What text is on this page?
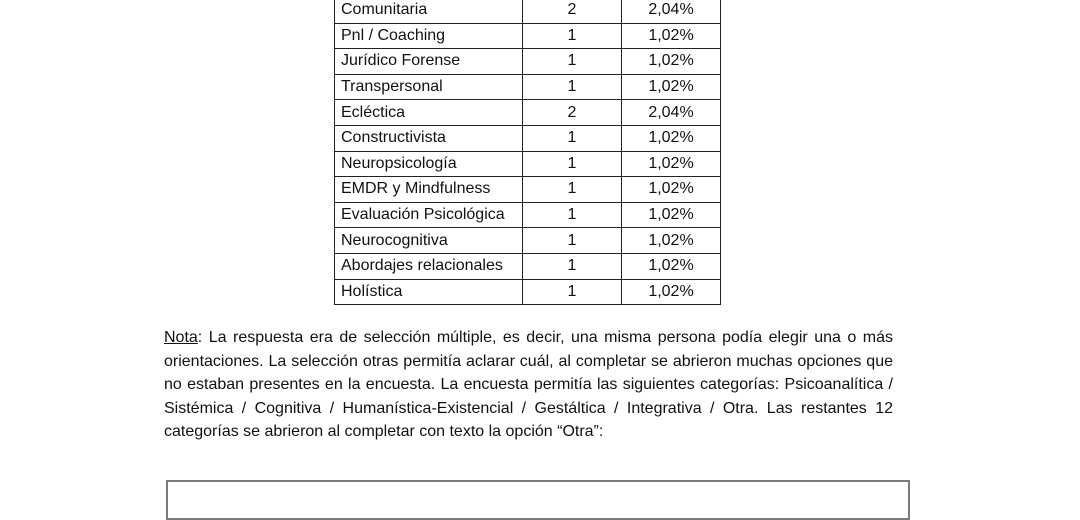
Comunitaria	2	2,04%
Pnl / Coaching	1	1,02%
Jurídico Forense	1	1,02%
Transpersonal	1	1,02%
Ecléctica	2	2,04%
Constructivista	1	1,02%
Neuropsicología	1	1,02%
EMDR y Mindfulness	1	1,02%
Evaluación Psicológica	1	1,02%
Neurocognitiva	1	1,02%
Abordajes relacionales	1	1,02%
Holística	1	1,02%

Nota: La respuesta era de selección múltiple, es decir, una misma persona podía elegir una o más orientaciones. La selección otras permitía aclarar cuál, al completar se abrieron muchas opciones que no estaban presentes en la encuesta. La encuesta permitía las siguientes categorías: Psicoanalítica / Sistémica / Cognitiva / Humanística-Existencial / Gestáltica / Integrativa / Otra. Las restantes 12 categorías se abrieron al completar con texto la opción “Otra”:
